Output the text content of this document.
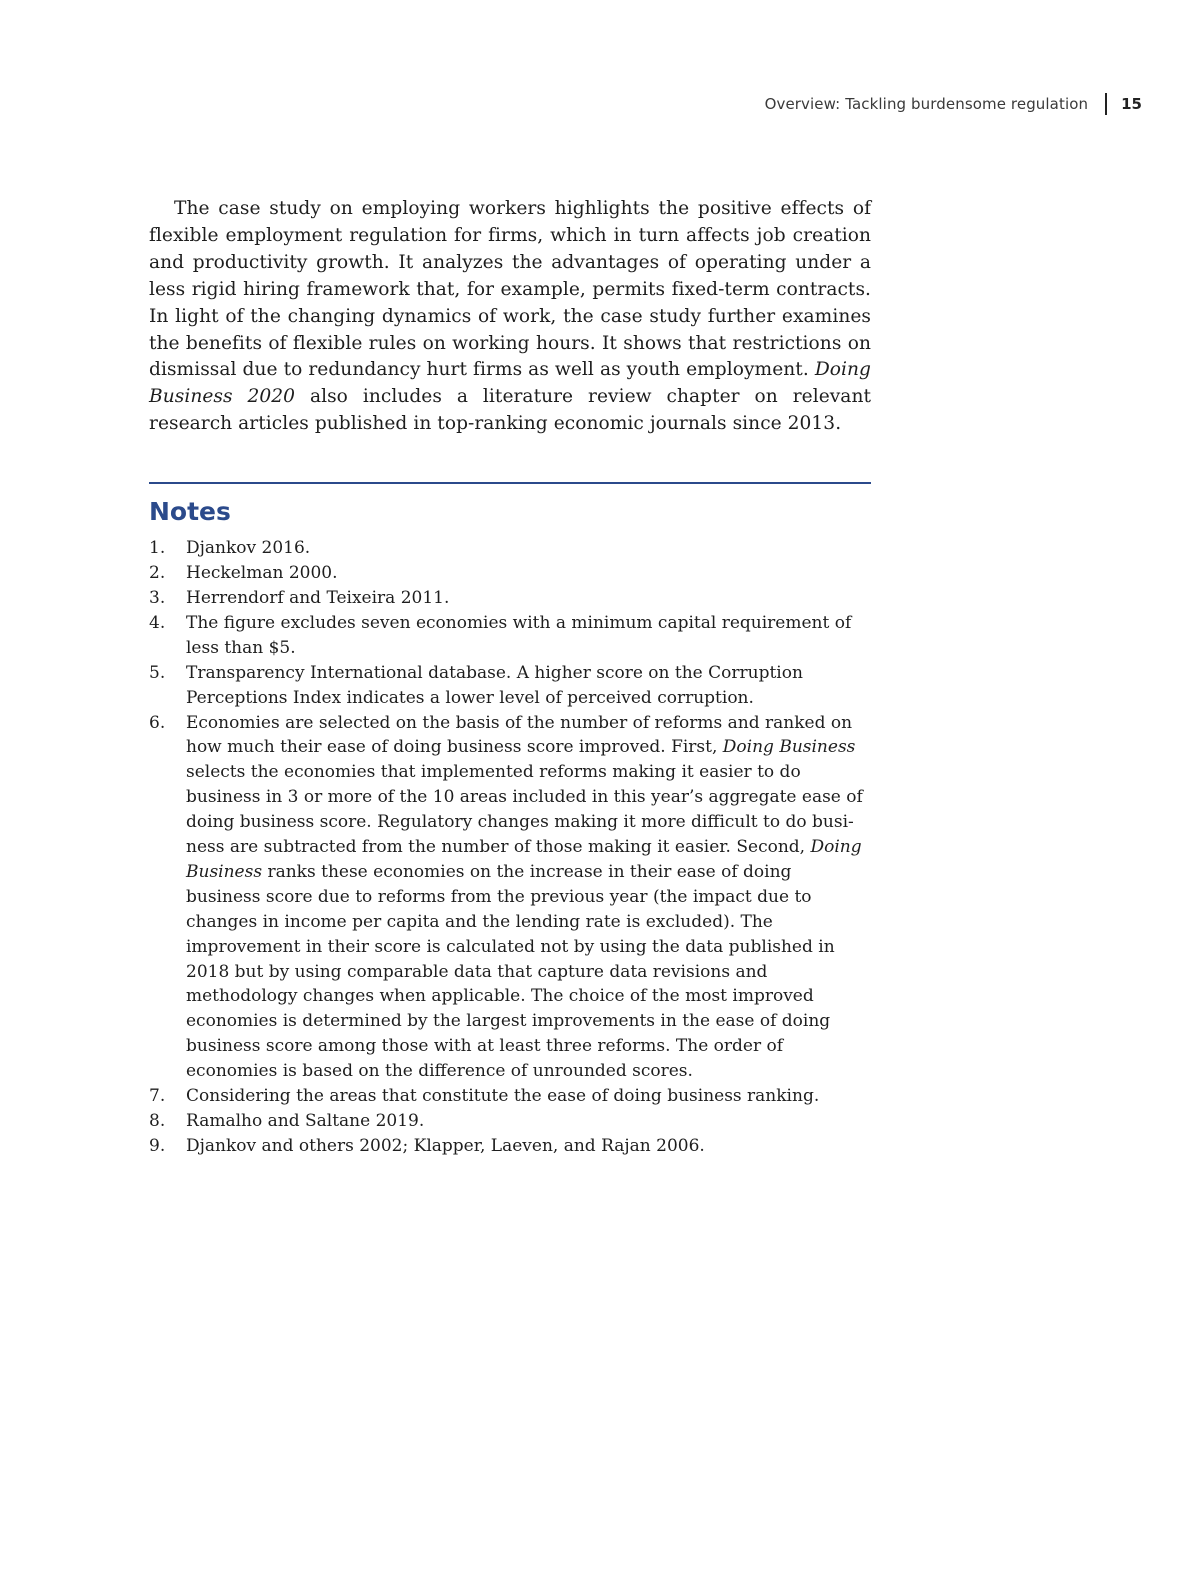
Overview: Tackling burdensome regulation 15

The case study on employing workers highlights the positive effects of flexible employment regulation for firms, which in turn affects job creation and productivity growth. It analyzes the advantages of operating under a less rigid hiring framework that, for example, permits fixed-term contracts. In light of the changing dynamics of work, the case study further examines the benefits of flexible rules on working hours. It shows that restrictions on dismissal due to redundancy hurt firms as well as youth employment. Doing Business 2020 also includes a literature review chapter on relevant research articles published in top-ranking economic journals since 2013.

Notes
1.	Djankov 2016.
2.	Heckelman 2000.
3.	Herrendorf and Teixeira 2011.
4.	The figure excludes seven economies with a minimum capital requirement of less than $5.
5.	Transparency International database. A higher score on the Corruption Perceptions Index indicates a lower level of perceived corruption.
6.	Economies are selected on the basis of the number of reforms and ranked on how much their ease of doing business score improved. First, Doing Business selects the economies that implemented reforms making it easier to do business in 3 or more of the 10 areas included in this year’s aggregate ease of doing business score. Regulatory changes making it more difficult to do business are subtracted from the number of those making it easier. Second, Doing Business ranks these economies on the increase in their ease of doing business score due to reforms from the previous year (the impact due to changes in income per capita and the lending rate is excluded). The improvement in their score is calculated not by using the data published in 2018 but by using comparable data that capture data revisions and methodology changes when applicable. The choice of the most improved economies is determined by the largest improvements in the ease of doing business score among those with at least three reforms. The order of economies is based on the difference of unrounded scores.
7.	Considering the areas that constitute the ease of doing business ranking.
8.	Ramalho and Saltane 2019.
9.	Djankov and others 2002; Klapper, Laeven, and Rajan 2006.
